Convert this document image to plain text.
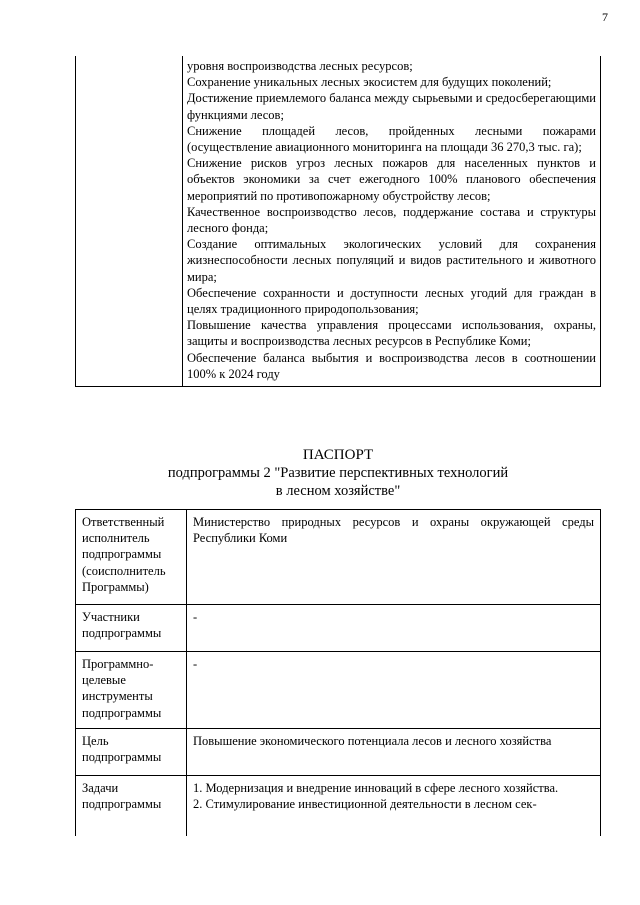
7

уровня воспроизводства лесных ресурсов;
Сохранение уникальных лесных экосистем для будущих поколений;
Достижение приемлемого баланса между сырьевыми и средосберегающими функциями лесов;
Снижение площадей лесов, пройденных лесными пожарами (осуществление авиационного мониторинга на площади 36 270,3 тыс. га);
Снижение рисков угроз лесных пожаров для населенных пунктов и объектов экономики за счет ежегодного 100% планового обеспечения мероприятий по противопожарному обустройству лесов;
Качественное воспроизводство лесов, поддержание состава и структуры лесного фонда;
Создание оптимальных экологических условий для сохранения жизнеспособности лесных популяций и видов растительного и животного мира;
Обеспечение сохранности и доступности лесных угодий для граждан в целях традиционного природопользования;
Повышение качества управления процессами использования, охраны, защиты и воспроизводства лесных ресурсов в Республике Коми;
Обеспечение баланса выбытия и воспроизводства лесов в соотношении 100% к 2024 году
ПАСПОРТ
подпрограммы 2 "Развитие перспективных технологий
в лесном хозяйстве"
Ответственный исполнитель подпрограммы (соисполнитель Программы)	Министерство природных ресурсов и охраны окружающей среды Республики Коми
Участники подпрограммы	-
Программно-целевые инструменты подпрограммы	-
Цель подпрограммы	Повышение экономического потенциала лесов и лесного хозяйства
Задачи подпрограммы	1. Модернизация и внедрение инноваций в сфере лесного хозяйства.
2. Стимулирование инвестиционной деятельности в лесном сек-
